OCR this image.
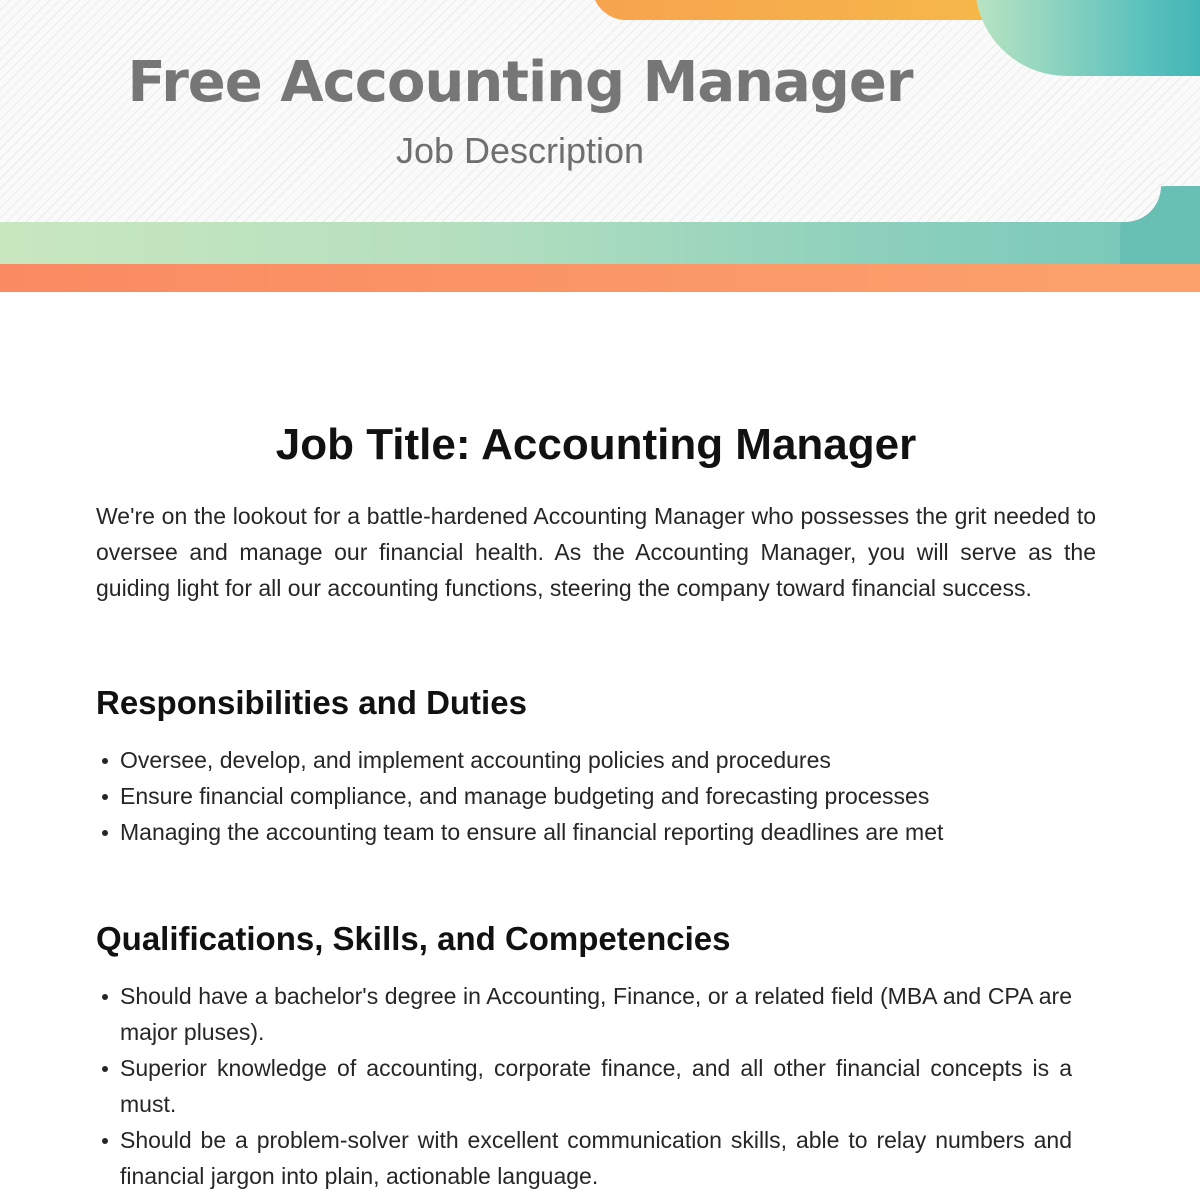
Free Accounting Manager
Job Description
Job Title: Accounting Manager

We're on the lookout for a battle-hardened Accounting Manager who possesses the grit needed to oversee and manage our financial health. As the Accounting Manager, you will serve as the guiding light for all our accounting functions, steering the company toward financial success.

Responsibilities and Duties
Oversee, develop, and implement accounting policies and procedures
Ensure financial compliance, and manage budgeting and forecasting processes
Managing the accounting team to ensure all financial reporting deadlines are met
Qualifications, Skills, and Competencies
Should have a bachelor's degree in Accounting, Finance, or a related field (MBA and CPA are major pluses).
Superior knowledge of accounting, corporate finance, and all other financial concepts is a must.
Should be a problem-solver with excellent communication skills, able to relay numbers and financial jargon into plain, actionable language.
